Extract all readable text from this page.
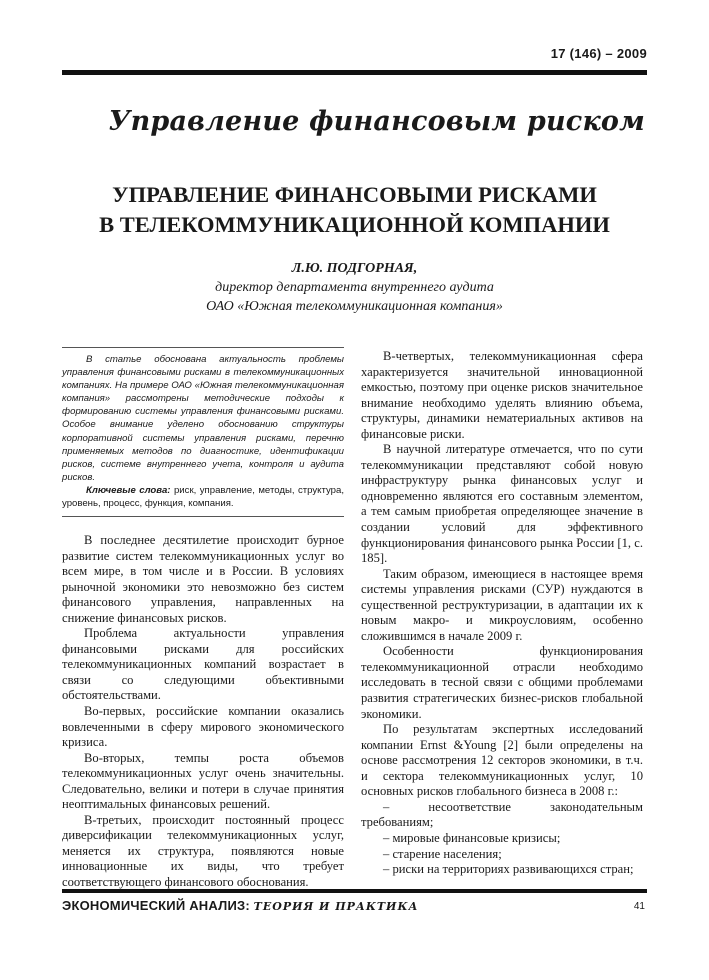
17 (146) – 2009
Управление финансовым риском
УПРАВЛЕНИЕ ФИНАНСОВЫМИ РИСКАМИ
В ТЕЛЕКОММУНИКАЦИОННОЙ КОМПАНИИ
Л.Ю. ПОДГОРНАЯ,
директор департамента внутреннего аудита
ОАО «Южная телекоммуникационная компания»

В статье обоснована актуальность проблемы управления финансовыми рисками в телекоммуникационных компаниях. На примере ОАО «Южная телекоммуникационная компания» рассмотрены методические подходы к формированию системы управления финансовыми рисками. Особое внимание уделено обоснованию структуры корпоративной системы управления рисками, перечню применяемых методов по диагностике, идентификации рисков, системе внутреннего учета, контроля и аудита рисков.

Ключевые слова: риск, управление, методы, структура, уровень, процесс, функция, компания.

В последнее десятилетие происходит бурное развитие систем телекоммуникационных услуг во всем мире, в том числе и в России. В условиях рыночной экономики это невозможно без систем финансового управления, направленных на снижение финансовых рисков.

Проблема актуальности управления финансовыми рисками для российских телекоммуникационных компаний возрастает в связи со следующими объективными обстоятельствами.

Во-первых, российские компании оказались вовлеченными в сферу мирового экономического кризиса.

Во-вторых, темпы роста объемов телекоммуникационных услуг очень значительны. Следовательно, велики и потери в случае принятия неоптимальных финансовых решений.

В-третьих, происходит постоянный процесс диверсификации телекоммуникационных услуг, меняется их структура, появляются новые инновационные их виды, что требует соответствующего финансового обоснования.

В-четвертых, телекоммуникационная сфера характеризуется значительной инновационной емкостью, поэтому при оценке рисков значительное внимание необходимо уделять влиянию объема, структуры, динамики нематериальных активов на финансовые риски.

В научной литературе отмечается, что по сути телекоммуникации представляют собой новую инфраструктуру рынка финансовых услуг и одновременно являются его составным элементом, а тем самым приобретая определяющее значение в создании условий для эффективного функционирования финансового рынка России [1, с. 185].

Таким образом, имеющиеся в настоящее время системы управления рисками (СУР) нуждаются в существенной реструктуризации, в адаптации их к новым макро- и микроусловиям, особенно сложившимся в начале 2009 г.

Особенности функционирования телекоммуникационной отрасли необходимо исследовать в тесной связи с общими проблемами развития стратегических бизнес-рисков глобальной экономики.

По результатам экспертных исследований компании Ernst &Young [2] были определены на основе рассмотрения 12 секторов экономики, в т.ч. и сектора телекоммуникационных услуг, 10 основных рисков глобального бизнеса в 2008 г.:

– несоответствие законодательным требованиям;

– мировые финансовые кризисы;

– старение населения;

– риски на территориях развивающихся стран;

ЭКОНОМИЧЕСКИЙ АНАЛИЗ: ТЕОРИЯ И ПРАКТИКА	41
